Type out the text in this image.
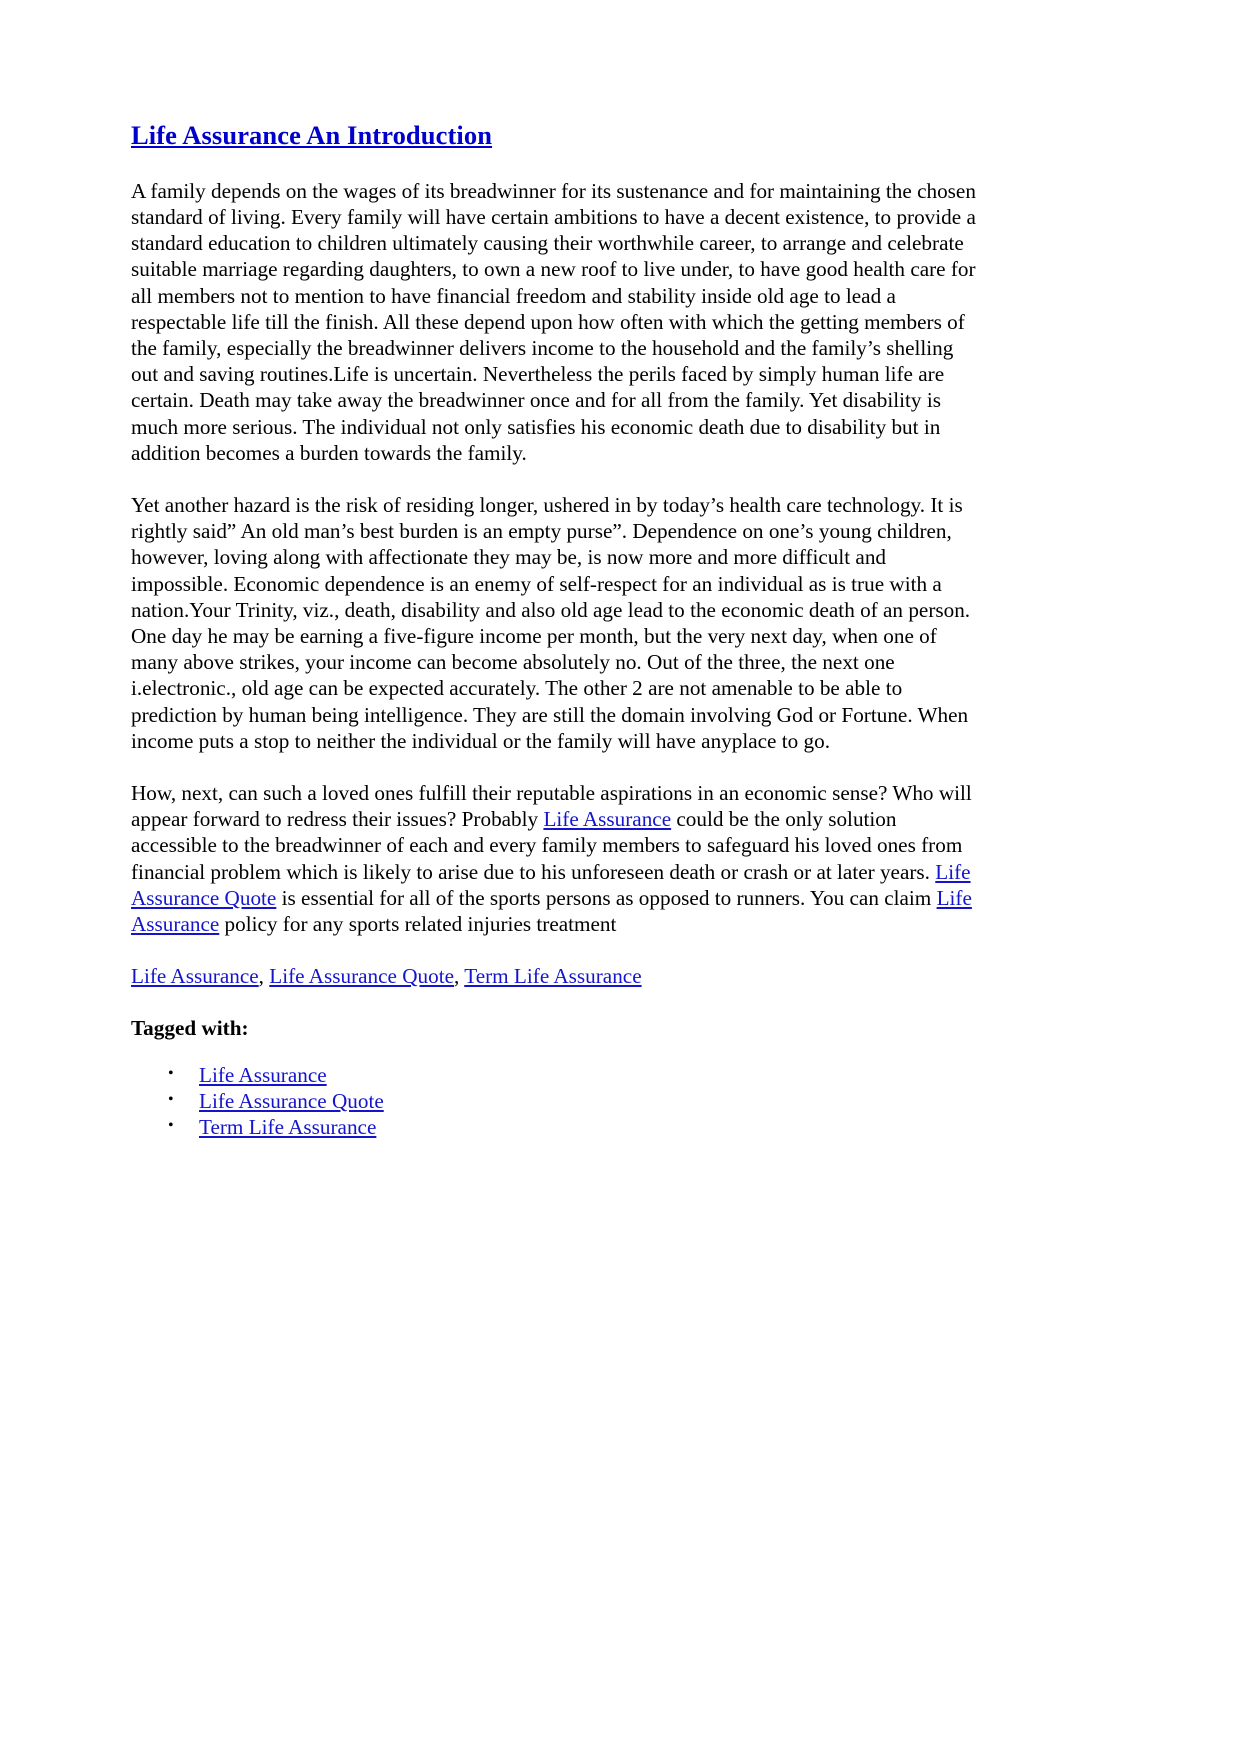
Life Assurance An Introduction

A family depends on the wages of its breadwinner for its sustenance and for maintaining the chosen standard of living. Every family will have certain ambitions to have a decent existence, to provide a standard education to children ultimately causing their worthwhile career, to arrange and celebrate suitable marriage regarding daughters, to own a new roof to live under, to have good health care for all members not to mention to have financial freedom and stability inside old age to lead a respectable life till the finish. All these depend upon how often with which the getting members of the family, especially the breadwinner delivers income to the household and the family’s shelling out and saving routines.Life is uncertain. Nevertheless the perils faced by simply human life are certain. Death may take away the breadwinner once and for all from the family. Yet disability is much more serious. The individual not only satisfies his economic death due to disability but in addition becomes a burden towards the family.

Yet another hazard is the risk of residing longer, ushered in by today’s health care technology. It is rightly said” An old man’s best burden is an empty purse”. Dependence on one’s young children, however, loving along with affectionate they may be, is now more and more difficult and impossible. Economic dependence is an enemy of self-respect for an individual as is true with a nation.Your Trinity, viz., death, disability and also old age lead to the economic death of an person. One day he may be earning a five-figure income per month, but the very next day, when one of many above strikes, your income can become absolutely no. Out of the three, the next one i.electronic., old age can be expected accurately. The other 2 are not amenable to be able to prediction by human being intelligence. They are still the domain involving God or Fortune. When income puts a stop to neither the individual or the family will have anyplace to go.

How, next, can such a loved ones fulfill their reputable aspirations in an economic sense? Who will appear forward to redress their issues? Probably Life Assurance could be the only solution accessible to the breadwinner of each and every family members to safeguard his loved ones from financial problem which is likely to arise due to his unforeseen death or crash or at later years. Life Assurance Quote is essential for all of the sports persons as opposed to runners. You can claim Life Assurance policy for any sports related injuries treatment

Life Assurance, Life Assurance Quote, Term Life Assurance

Tagged with:

• Life Assurance
• Life Assurance Quote
• Term Life Assurance
